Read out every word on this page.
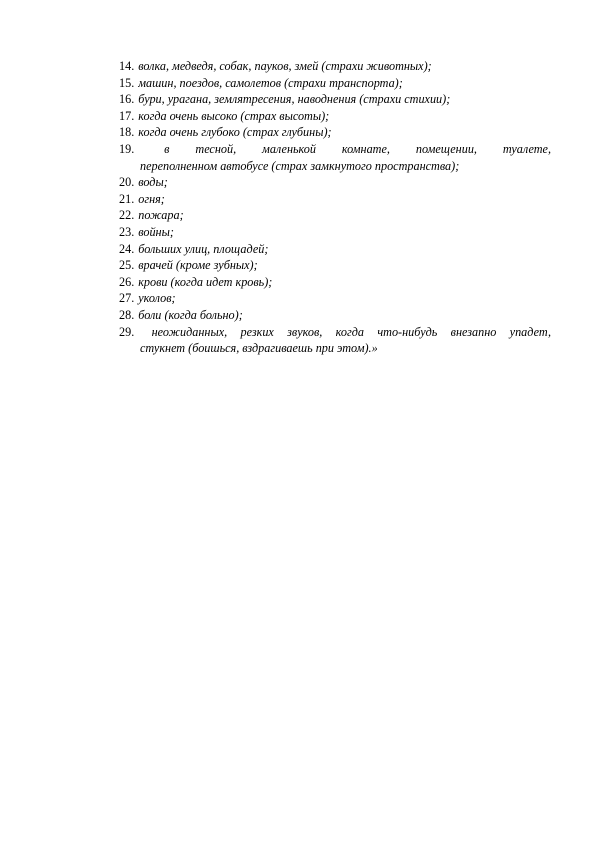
14. волка, медведя, собак, пауков, змей (страхи животных);
15. машин, поездов, самолетов (страхи транспорта);
16. бури, урагана, землятресения, наводнения (страхи стихии);
17. когда очень высоко (страх высоты);
18. когда очень глубоко (страх глубины);
19. в тесной, маленькой комнате, помещении, туалете,
переполненном автобусе (страх замкнутого пространства);
20. воды;
21. огня;
22. пожара;
23. войны;
24. больших улиц, площадей;
25. врачей (кроме зубных);
26. крови (когда идет кровь);
27. уколов;
28. боли (когда больно);
29. неожиданных, резких звуков, когда что-нибудь внезапно упадет,
стукнет (боишься, вздрагиваешь при этом).»
